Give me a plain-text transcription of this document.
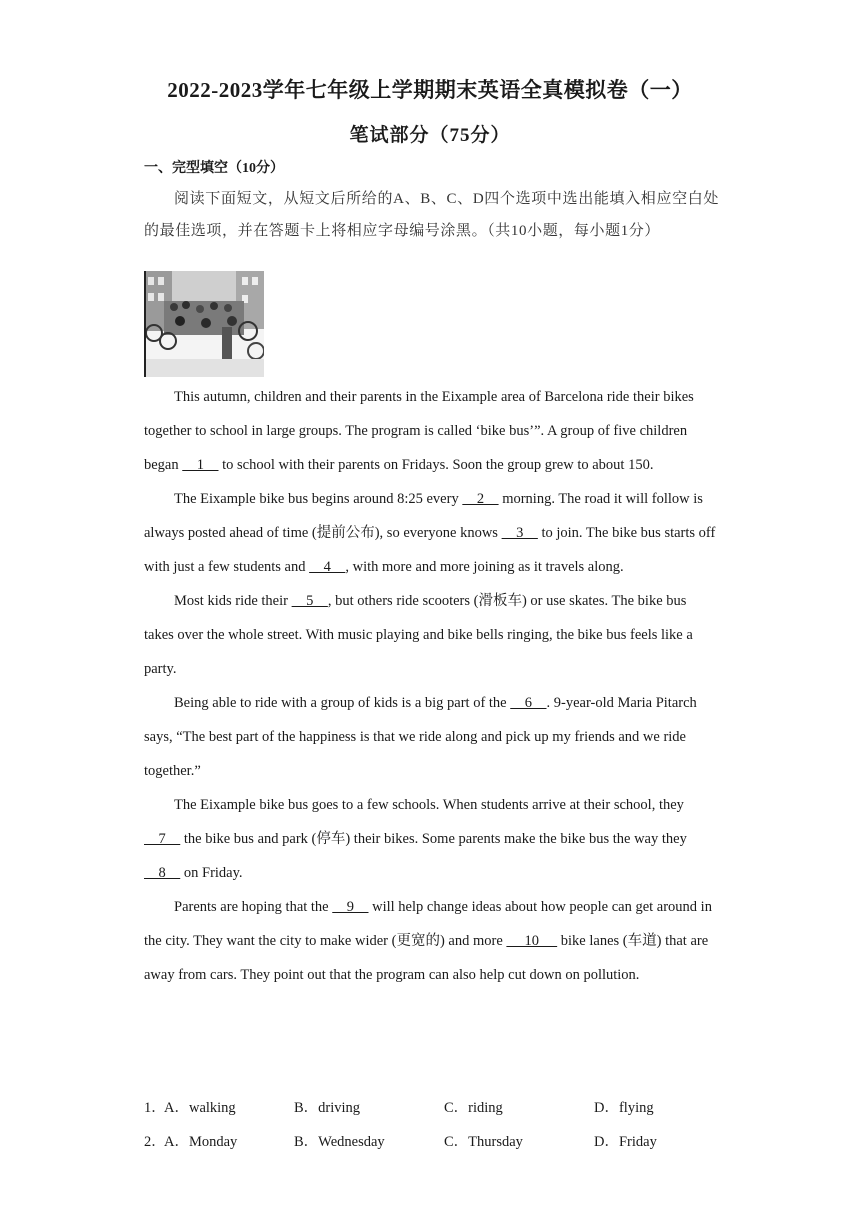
2022-2023学年七年级上学期期末英语全真模拟卷（一）
笔试部分（75分）
一、完型填空（10分）
阅读下面短文，从短文后所给的A、B、C、D四个选项中选出能填入相应空白处的最佳选项，并在答题卡上将相应字母编号涂黑。（共10小题，每小题1分）

This autumn, children and their parents in the Eixample area of Barcelona ride their bikes together to school in large groups. The program is called ‘bike bus’”. A group of five children began     1     to school with their parents on Fridays. Soon the group grew to about 150.

The Eixample bike bus begins around 8:25 every     2     morning. The road it will follow is always posted ahead of time (提前公布), so everyone knows     3     to join. The bike bus starts off with just a few students and     4    , with more and more joining as it travels along.

Most kids ride their     5    , but others ride scooters (滑板车) or use skates. The bike bus takes over the whole street. With music playing and bike bells ringing, the bike bus feels like a party.

Being able to ride with a group of kids is a big part of the     6    . 9-year-old Maria Pitarch says, “The best part of the happiness is that we ride along and pick up my friends and we ride together.”

The Eixample bike bus goes to a few schools. When students arrive at their school, they     7     the bike bus and park (停车) their bikes. Some parents make the bike bus the way they     8     on Friday.

Parents are hoping that the     9     will help change ideas about how people can get around in the city. They want the city to make wider (更宽的) and more      10      bike lanes (车道) that are away from cars. They point out that the program can also help cut down on pollution.

1．
A．walking	B．driving	C．riding	D．flying
2．
A．Monday	B．Wednesday	C．Thursday	D．Friday
